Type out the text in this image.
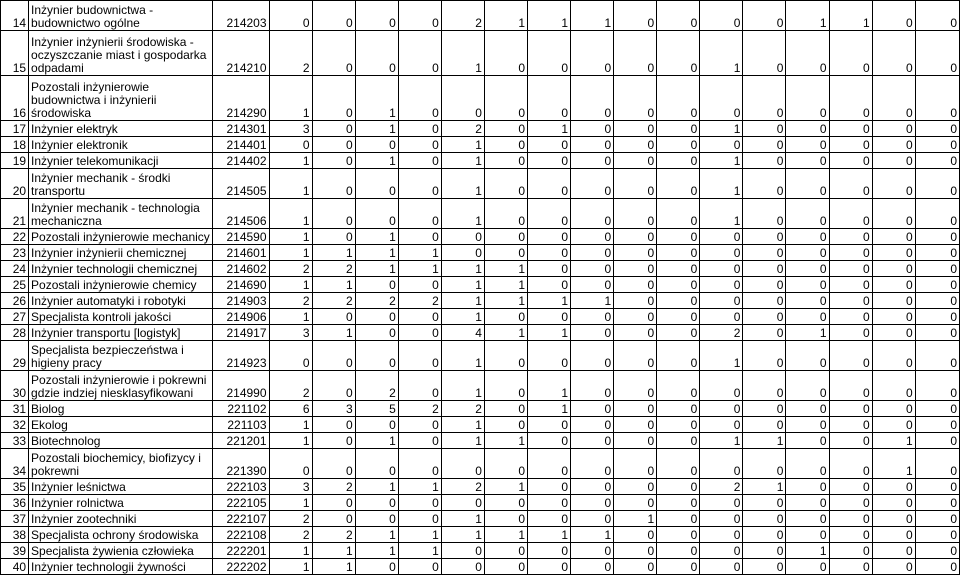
14	Inżynier budownictwa - budownictwo ogólne	214203	0	0	0	0	2	1	1	1	0	0	0	0	1	1	0	0
15	Inżynier inżynierii środowiska - oczyszczanie miast i gospodarka odpadami	214210	2	0	0	0	1	0	0	0	0	0	1	0	0	0	0	0
16	Pozostali inżynierowie budownictwa i inżynierii środowiska	214290	1	0	1	0	0	0	0	0	0	0	0	0	0	0	0	0
17	Inżynier elektryk	214301	3	0	1	0	2	0	1	0	0	0	1	0	0	0	0	0
18	Inżynier elektronik	214401	0	0	0	0	1	0	0	0	0	0	0	0	0	0	0	0
19	Inżynier telekomunikacji	214402	1	0	1	0	1	0	0	0	0	0	1	0	0	0	0	0
20	Inżynier mechanik - środki transportu	214505	1	0	0	0	1	0	0	0	0	0	1	0	0	0	0	0
21	Inżynier mechanik - technologia mechaniczna	214506	1	0	0	0	1	0	0	0	0	0	1	0	0	0	0	0
22	Pozostali inżynierowie mechanicy	214590	1	0	1	0	0	0	0	0	0	0	0	0	0	0	0	0
23	Inżynier inżynierii chemicznej	214601	1	1	1	1	0	0	0	0	0	0	0	0	0	0	0	0
24	Inżynier technologii chemicznej	214602	2	2	1	1	1	1	0	0	0	0	0	0	0	0	0	0
25	Pozostali inżynierowie chemicy	214690	1	1	0	0	1	1	0	0	0	0	0	0	0	0	0	0
26	Inżynier automatyki i robotyki	214903	2	2	2	2	1	1	1	1	0	0	0	0	0	0	0	0
27	Specjalista kontroli jakości	214906	1	0	0	0	1	0	0	0	0	0	0	0	0	0	0	0
28	Inżynier transportu [logistyk]	214917	3	1	0	0	4	1	1	0	0	0	2	0	1	0	0	0
29	Specjalista bezpieczeństwa i higieny pracy	214923	0	0	0	0	1	0	0	0	0	0	1	0	0	0	0	0
30	Pozostali inżynierowie i pokrewni gdzie indziej niesklasyfikowani	214990	2	0	2	0	1	0	1	0	0	0	0	0	0	0	0	0
31	Biolog	221102	6	3	5	2	2	0	1	0	0	0	0	0	0	0	0	0
32	Ekolog	221103	1	0	0	0	1	0	0	0	0	0	0	0	0	0	0	0
33	Biotechnolog	221201	1	0	1	0	1	1	0	0	0	0	1	1	0	0	1	0
34	Pozostali biochemicy, biofizycy i pokrewni	221390	0	0	0	0	0	0	0	0	0	0	0	0	0	0	1	0
35	Inżynier leśnictwa	222103	3	2	1	1	2	1	0	0	0	0	2	1	0	0	0	0
36	Inżynier rolnictwa	222105	1	0	0	0	0	0	0	0	0	0	0	0	0	0	0	0
37	Inżynier zootechniki	222107	2	0	0	0	1	0	0	0	1	0	0	0	0	0	0	0
38	Specjalista ochrony środowiska	222108	2	2	1	1	1	1	1	1	0	0	0	0	0	0	0	0
39	Specjalista żywienia człowieka	222201	1	1	1	1	0	0	0	0	0	0	0	0	1	0	0	0
40	Inżynier technologii żywności	222202	1	1	0	0	0	0	0	0	0	0	0	0	0	0	0	0
